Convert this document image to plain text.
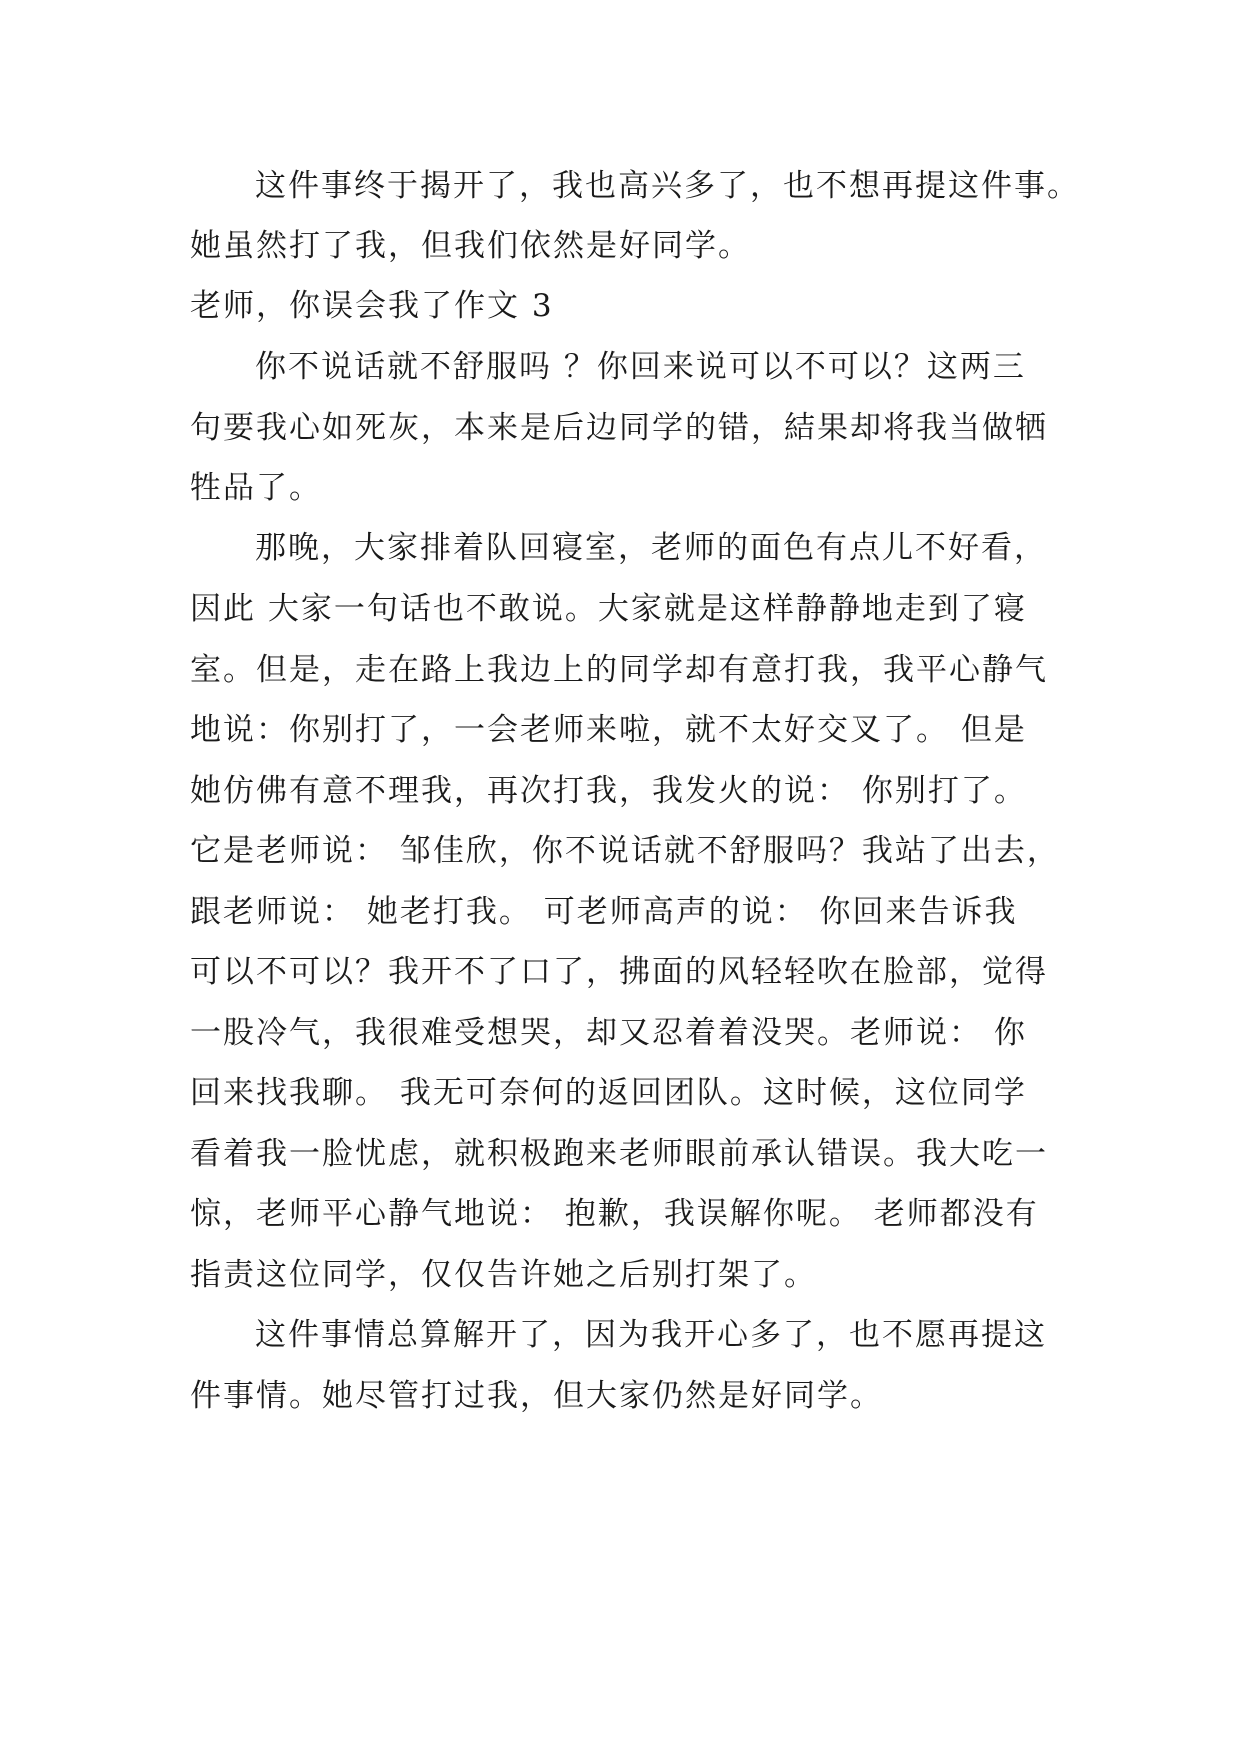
这件事终于揭开了，我也高兴多了，也不想再提这件事。
她虽然打了我，但我们依然是好同学。
老师，你误会我了作文 3
你不说话就不舒服吗 ？你回来说可以不可以？这两三
句要我心如死灰，本来是后边同学的错，結果却将我当做牺
牲品了。
那晚，大家排着队回寝室，老师的面色有点儿不好看，
因此 大家一句话也不敢说。大家就是这样静静地走到了寝
室。但是，走在路上我边上的同学却有意打我，我平心静气
地说：你别打了，一会老师来啦，就不太好交叉了。 但是
她仿佛有意不理我，再次打我，我发火的说： 你别打了。
它是老师说： 邹佳欣，你不说话就不舒服吗？我站了出去，
跟老师说： 她老打我。 可老师高声的说： 你回来告诉我
可以不可以？我开不了口了，拂面的风轻轻吹在脸部，觉得
一股冷气，我很难受想哭，却又忍着着没哭。老师说： 你
回来找我聊。 我无可奈何的返回团队。这时候，这位同学
看着我一脸忧虑，就积极跑来老师眼前承认错误。我大吃一
惊，老师平心静气地说： 抱歉，我误解你呢。 老师都没有
指责这位同学，仅仅告许她之后别打架了。
这件事情总算解开了，因为我开心多了，也不愿再提这
件事情。她尽管打过我，但大家仍然是好同学。
